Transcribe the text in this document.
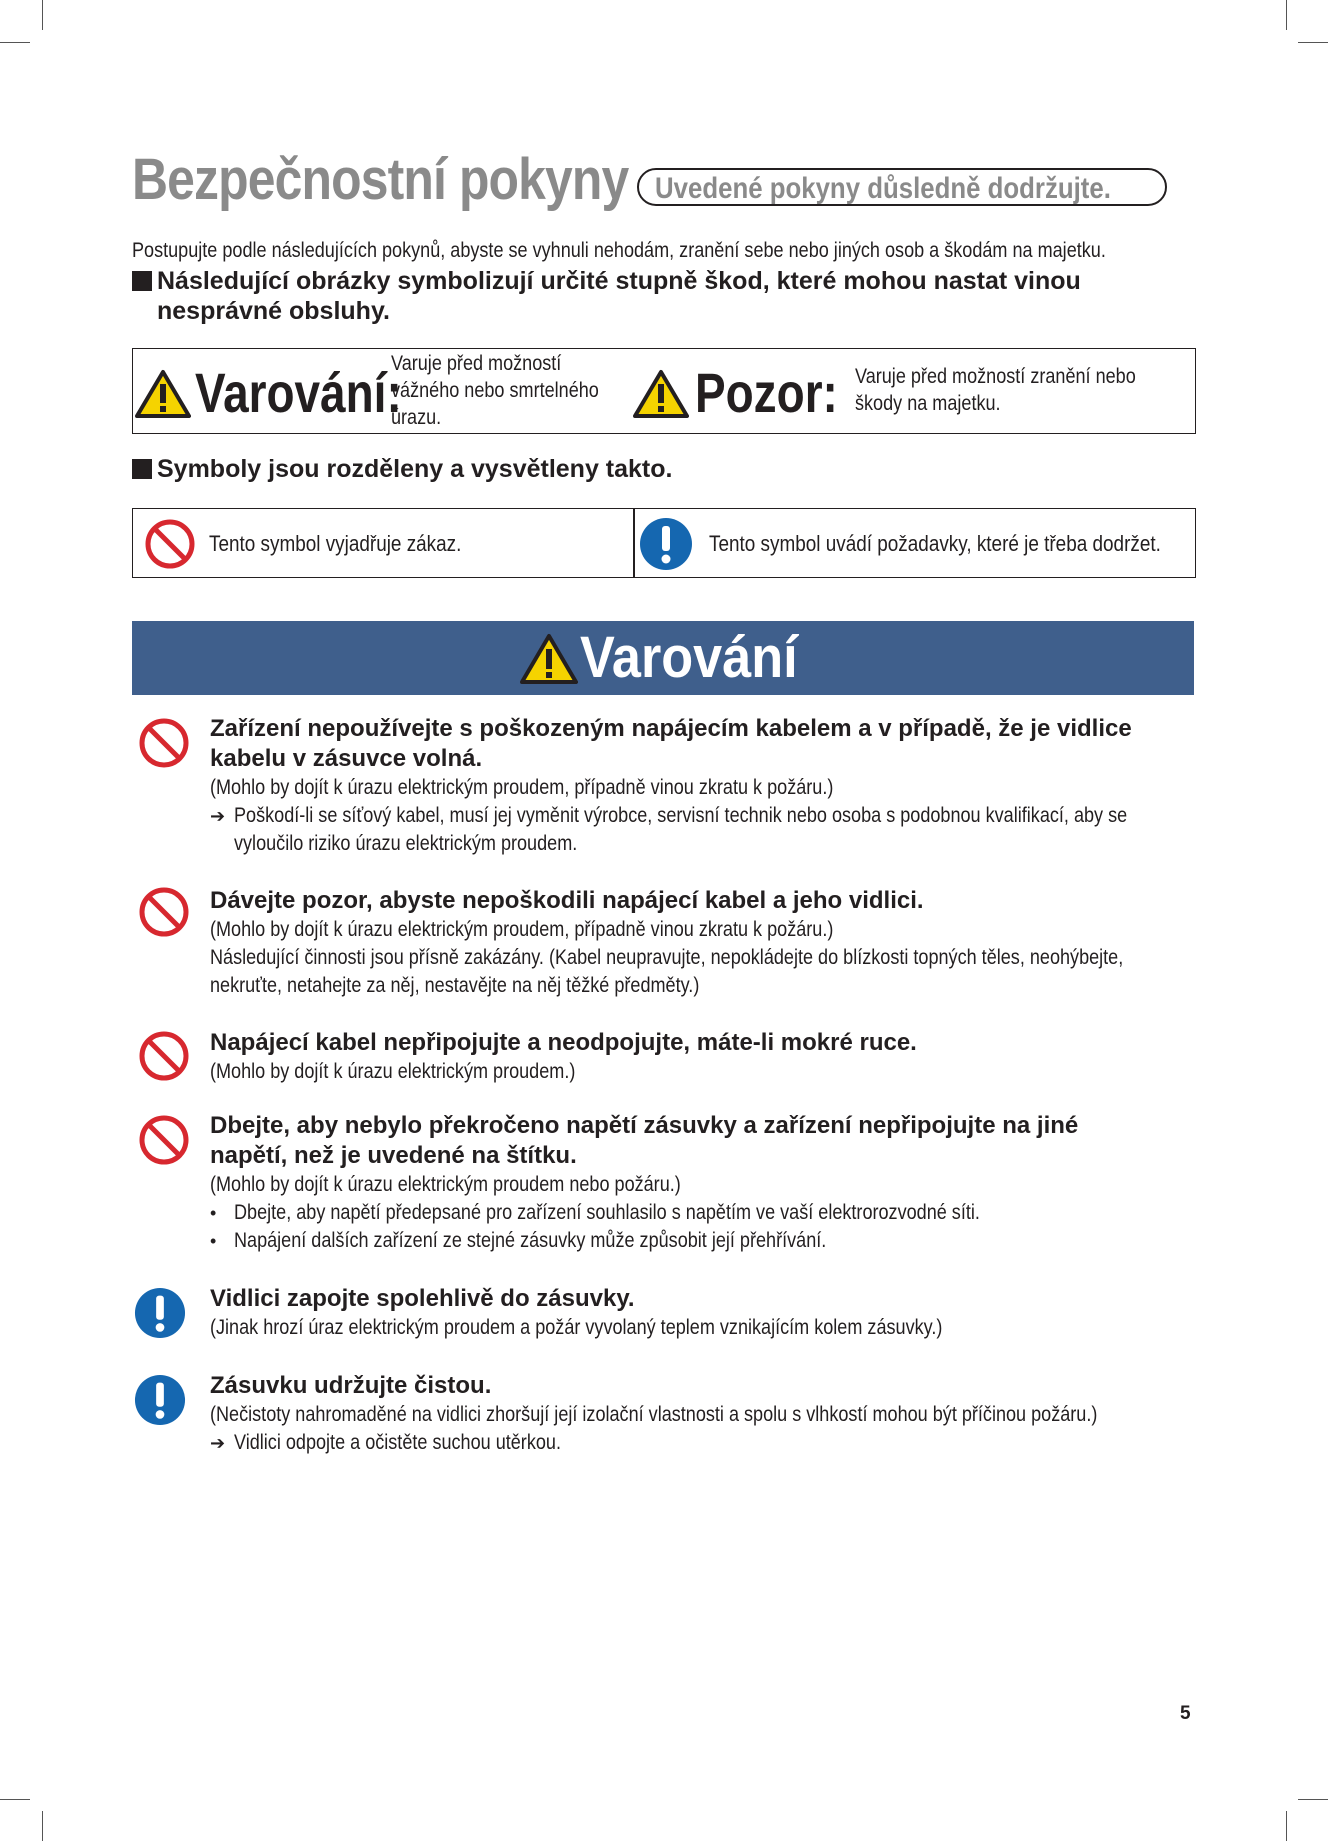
Bezpečnostní pokyny Uvedené pokyny důsledně dodržujte.
Postupujte podle následujících pokynů, abyste se vyhnuli nehodám, zranění sebe nebo jiných osob a škodám na majetku.
Následující obrázky symbolizují určité stupně škod, které mohou nastat vinou
nesprávné obsluhy.
Varování:
Varuje před možností
vážného nebo smrtelného
úrazu.	Pozor: Varuje před možností zranění nebo
škody na majetku.
Symboly jsou rozděleny a vysvětleny takto.
Tento symbol vyjadřuje zákaz.	Tento symbol uvádí požadavky, které je třeba dodržet.
Varování

Zařízení nepoužívejte s poškozeným napájecím kabelem a v případě, že je vidlice

kabelu v zásuvce volná.

(Mohlo by dojít k úrazu elektrickým proudem, případně vinou zkratu k požáru.)

➔ Poškodí-li se síťový kabel, musí jej vyměnit výrobce, servisní technik nebo osoba s podobnou kvalifikací, aby se
vyloučilo riziko úrazu elektrickým proudem.

Dávejte pozor, abyste nepoškodili napájecí kabel a jeho vidlici.

(Mohlo by dojít k úrazu elektrickým proudem, případně vinou zkratu k požáru.)

Následující činnosti jsou přísně zakázány. (Kabel neupravujte, nepokládejte do blízkosti topných těles, neohýbejte,

nekruťte, netahejte za něj, nestavějte na něj těžké předměty.)

Napájecí kabel nepřipojujte a neodpojujte, máte-li mokré ruce.

(Mohlo by dojít k úrazu elektrickým proudem.)

Dbejte, aby nebylo překročeno napětí zásuvky a zařízení nepřipojujte na jiné

napětí, než je uvedené na štítku.

(Mohlo by dojít k úrazu elektrickým proudem nebo požáru.)

• Dbejte, aby napětí předepsané pro zařízení souhlasilo s napětím ve vaší elektrorozvodné síti.
• Napájení dalších zařízení ze stejné zásuvky může způsobit její přehřívání.

Vidlici zapojte spolehlivě do zásuvky.

(Jinak hrozí úraz elektrickým proudem a požár vyvolaný teplem vznikajícím kolem zásuvky.)

Zásuvku udržujte čistou.

(Nečistoty nahromaděné na vidlici zhoršují její izolační vlastnosti a spolu s vlhkostí mohou být příčinou požáru.)

➔ Vidlici odpojte a očistěte suchou utěrkou.
5
